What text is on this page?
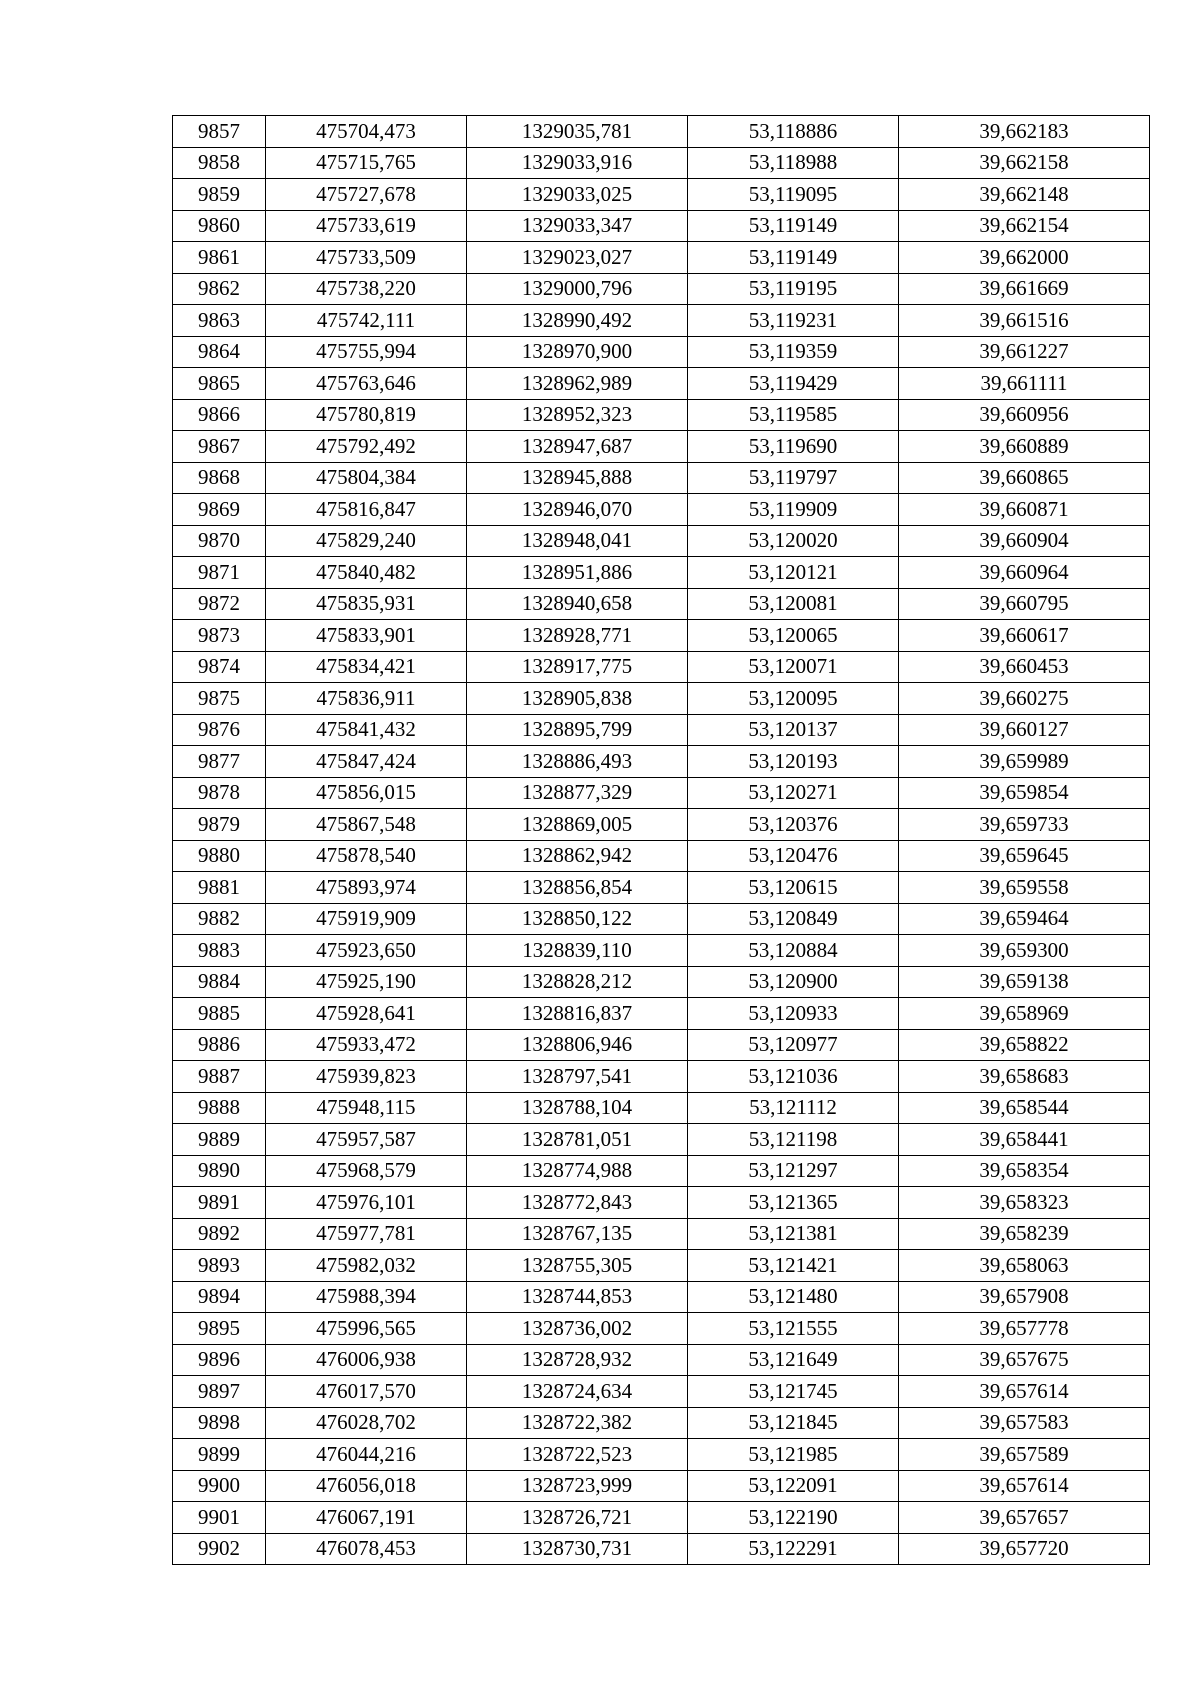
9857	475704,473	1329035,781	53,118886	39,662183
9858	475715,765	1329033,916	53,118988	39,662158
9859	475727,678	1329033,025	53,119095	39,662148
9860	475733,619	1329033,347	53,119149	39,662154
9861	475733,509	1329023,027	53,119149	39,662000
9862	475738,220	1329000,796	53,119195	39,661669
9863	475742,111	1328990,492	53,119231	39,661516
9864	475755,994	1328970,900	53,119359	39,661227
9865	475763,646	1328962,989	53,119429	39,661111
9866	475780,819	1328952,323	53,119585	39,660956
9867	475792,492	1328947,687	53,119690	39,660889
9868	475804,384	1328945,888	53,119797	39,660865
9869	475816,847	1328946,070	53,119909	39,660871
9870	475829,240	1328948,041	53,120020	39,660904
9871	475840,482	1328951,886	53,120121	39,660964
9872	475835,931	1328940,658	53,120081	39,660795
9873	475833,901	1328928,771	53,120065	39,660617
9874	475834,421	1328917,775	53,120071	39,660453
9875	475836,911	1328905,838	53,120095	39,660275
9876	475841,432	1328895,799	53,120137	39,660127
9877	475847,424	1328886,493	53,120193	39,659989
9878	475856,015	1328877,329	53,120271	39,659854
9879	475867,548	1328869,005	53,120376	39,659733
9880	475878,540	1328862,942	53,120476	39,659645
9881	475893,974	1328856,854	53,120615	39,659558
9882	475919,909	1328850,122	53,120849	39,659464
9883	475923,650	1328839,110	53,120884	39,659300
9884	475925,190	1328828,212	53,120900	39,659138
9885	475928,641	1328816,837	53,120933	39,658969
9886	475933,472	1328806,946	53,120977	39,658822
9887	475939,823	1328797,541	53,121036	39,658683
9888	475948,115	1328788,104	53,121112	39,658544
9889	475957,587	1328781,051	53,121198	39,658441
9890	475968,579	1328774,988	53,121297	39,658354
9891	475976,101	1328772,843	53,121365	39,658323
9892	475977,781	1328767,135	53,121381	39,658239
9893	475982,032	1328755,305	53,121421	39,658063
9894	475988,394	1328744,853	53,121480	39,657908
9895	475996,565	1328736,002	53,121555	39,657778
9896	476006,938	1328728,932	53,121649	39,657675
9897	476017,570	1328724,634	53,121745	39,657614
9898	476028,702	1328722,382	53,121845	39,657583
9899	476044,216	1328722,523	53,121985	39,657589
9900	476056,018	1328723,999	53,122091	39,657614
9901	476067,191	1328726,721	53,122190	39,657657
9902	476078,453	1328730,731	53,122291	39,657720
